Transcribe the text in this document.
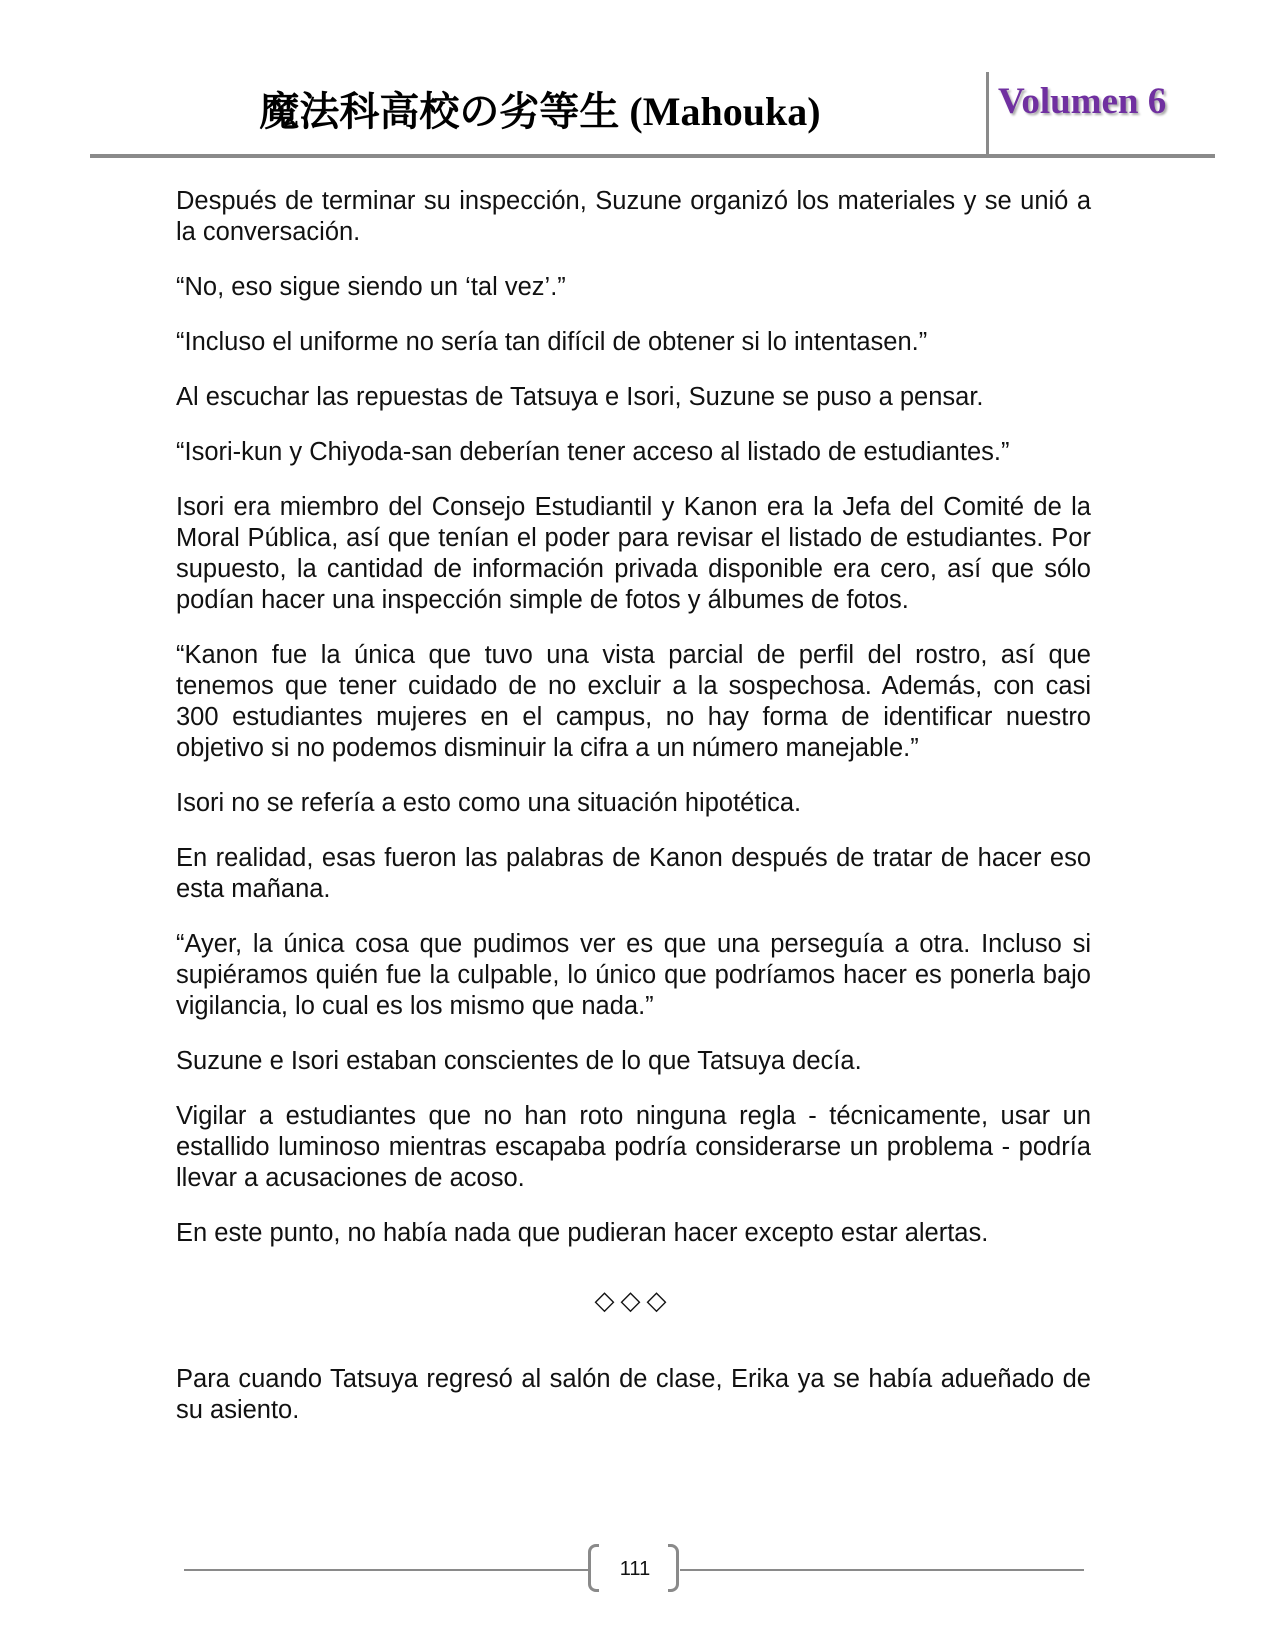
魔法科高校の劣等生 (Mahouka)	Volumen 6

Después de terminar su inspección, Suzune organizó los materiales y se unió a la conversación.

“No, eso sigue siendo un ‘tal vez’.”

“Incluso el uniforme no sería tan difícil de obtener si lo intentasen.”

Al escuchar las repuestas de Tatsuya e Isori, Suzune se puso a pensar.

“Isori-kun y Chiyoda-san deberían tener acceso al listado de estudiantes.”

Isori era miembro del Consejo Estudiantil y Kanon era la Jefa del Comité de la Moral Pública, así que tenían el poder para revisar el listado de estudiantes. Por supuesto, la cantidad de información privada disponible era cero, así que sólo podían hacer una inspección simple de fotos y álbumes de fotos.

“Kanon fue la única que tuvo una vista parcial de perfil del rostro, así que tenemos que tener cuidado de no excluir a la sospechosa. Además, con casi 300 estudiantes mujeres en el campus, no hay forma de identificar nuestro objetivo si no podemos disminuir la cifra a un número manejable.”

Isori no se refería a esto como una situación hipotética.

En realidad, esas fueron las palabras de Kanon después de tratar de hacer eso esta mañana.

“Ayer, la única cosa que pudimos ver es que una perseguía a otra. Incluso si supiéramos quién fue la culpable, lo único que podríamos hacer es ponerla bajo vigilancia, lo cual es los mismo que nada.”

Suzune e Isori estaban conscientes de lo que Tatsuya decía.

Vigilar a estudiantes que no han roto ninguna regla - técnicamente, usar un estallido luminoso mientras escapaba podría considerarse un problema - podría llevar a acusaciones de acoso.

En este punto, no había nada que pudieran hacer excepto estar alertas.

◇◇◇

Para cuando Tatsuya regresó al salón de clase, Erika ya se había adueñado de su asiento.

111
